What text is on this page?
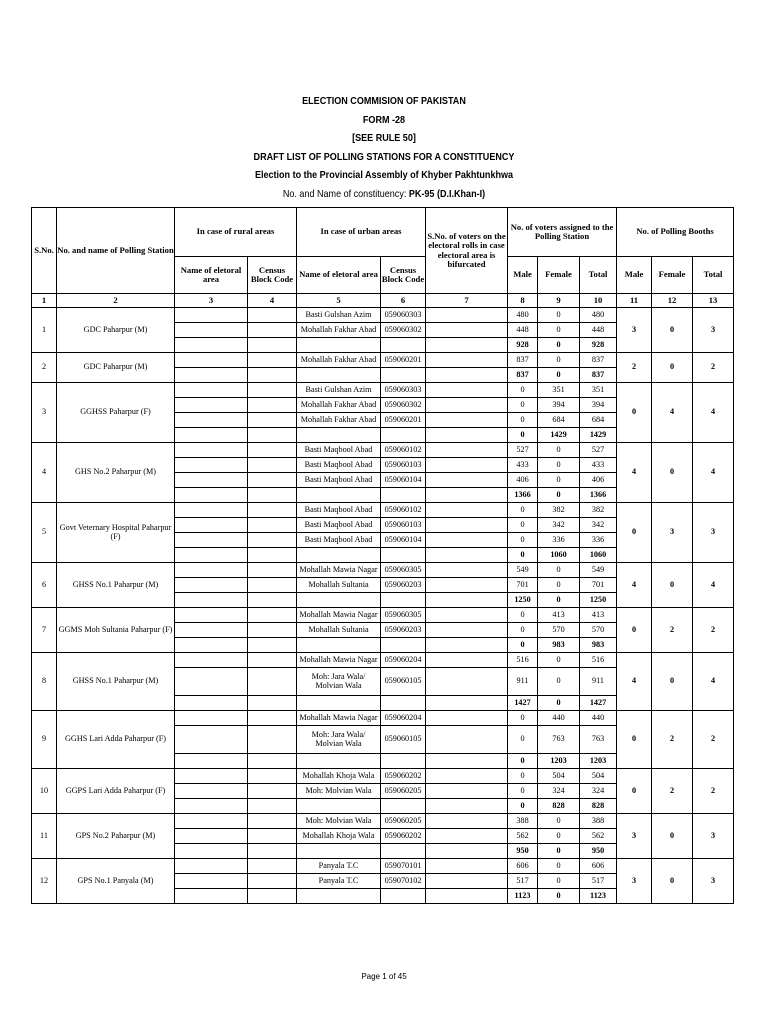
ELECTION COMMISION OF PAKISTAN
FORM -28
[SEE RULE 50]
DRAFT LIST OF POLLING STATIONS FOR A CONSTITUENCY
Election to the Provincial Assembly of Khyber Pakhtunkhwa
No. and Name of constituency: PK-95 (D.I.Khan-I)
S.No.	No. and name of Polling Station	In case of rural areas		In case of urban areas		S.No. of voters on the electoral rolls in case electoral area is bifurcated	No. of voters assigned to the Polling Station			No. of Polling Booths		
		Name of eletoral area	Census Block Code	Name of eletoral area	Census Block Code		Male	Female	Total	Male	Female	Total
1	2	3	4	5	6	7	8	9	10	11	12	13
1	GDC Paharpur (M)			Basti Gulshan Azim	059060303		480	0	480	3	0	3
				Mohallah Fakhar Abad	059060302		448	0	448			
							928	0	928			
2	GDC Paharpur (M)			Mohallah Fakhar Abad	059060201		837	0	837	2	0	2
							837	0	837			
3	GGHSS Paharpur (F)			Basti Gulshan Azim	059060303		0	351	351	0	4	4
				Mohallah Fakhar Abad	059060302		0	394	394			
				Mohallah Fakhar Abad	059060201		0	684	684			
							0	1429	1429			
4	GHS No.2 Paharpur (M)			Basti Maqbool Abad	059060102		527	0	527	4	0	4
				Basti Maqbool Abad	059060103		433	0	433			
				Basti Maqbool Abad	059060104		406	0	406			
							1366	0	1366			
5	Govt Veternary Hospital Paharpur (F)			Basti Maqbool Abad	059060102		0	382	382	0	3	3
				Basti Maqbool Abad	059060103		0	342	342			
				Basti Maqbool Abad	059060104		0	336	336			
							0	1060	1060			
6	GHSS No.1 Paharpur (M)			Mohallah Mawia Nagar	059060305		549	0	549	4	0	4
				Mohallah Sultania	059060203		701	0	701			
							1250	0	1250			
7	GGMS Moh Sultania Paharpur (F)			Mohallah Mawia Nagar	059060305		0	413	413	0	2	2
				Mohallah Sultania	059060203		0	570	570			
							0	983	983			
8	GHSS No.1 Paharpur (M)			Mohallah Mawia Nagar	059060204		516	0	516	4	0	4
				Moh: Jara Wala/ Molvian Wala	059060105		911	0	911			
							1427	0	1427			
9	GGHS Lari Adda Paharpur (F)			Mohallah Mawia Nagar	059060204		0	440	440	0	2	2
				Moh: Jara Wala/ Molvian Wala	059060105		0	763	763			
							0	1203	1203			
10	GGPS Lari Adda Paharpur (F)			Mohallah Khoja Wala	059060202		0	504	504	0	2	2
				Moh: Molvian Wala	059060205		0	324	324			
							0	828	828			
11	GPS No.2 Paharpur (M)			Moh: Molvian Wala	059060205		388	0	388	3	0	3
				Mohallah Khoja Wala	059060202		562	0	562			
							950	0	950			
12	GPS No.1 Panyala (M)			Panyala T.C	059070101		606	0	606	3	0	3
				Panyala T.C	059070102		517	0	517			
							1123	0	1123			
Page 1 of 45
